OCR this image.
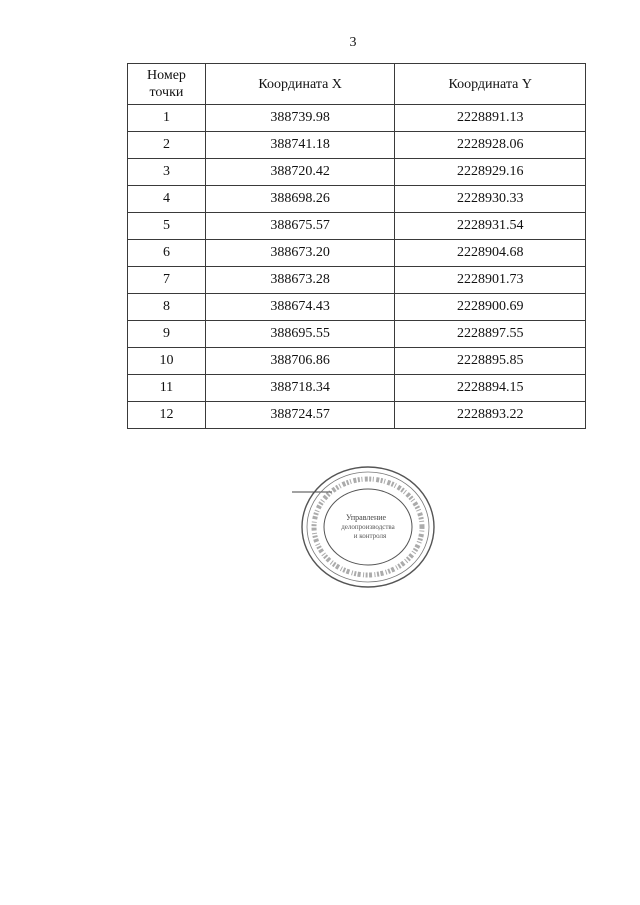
3
Номер точки	Координата X	Координата Y
1	388739.98	2228891.13
2	388741.18	2228928.06
3	388720.42	2228929.16
4	388698.26	2228930.33
5	388675.57	2228931.54
6	388673.20	2228904.68
7	388673.28	2228901.73
8	388674.43	2228900.69
9	388695.55	2228897.55
10	388706.86	2228895.85
11	388718.34	2228894.15
12	388724.57	2228893.22
Управление
делопроизводства
и контроля
